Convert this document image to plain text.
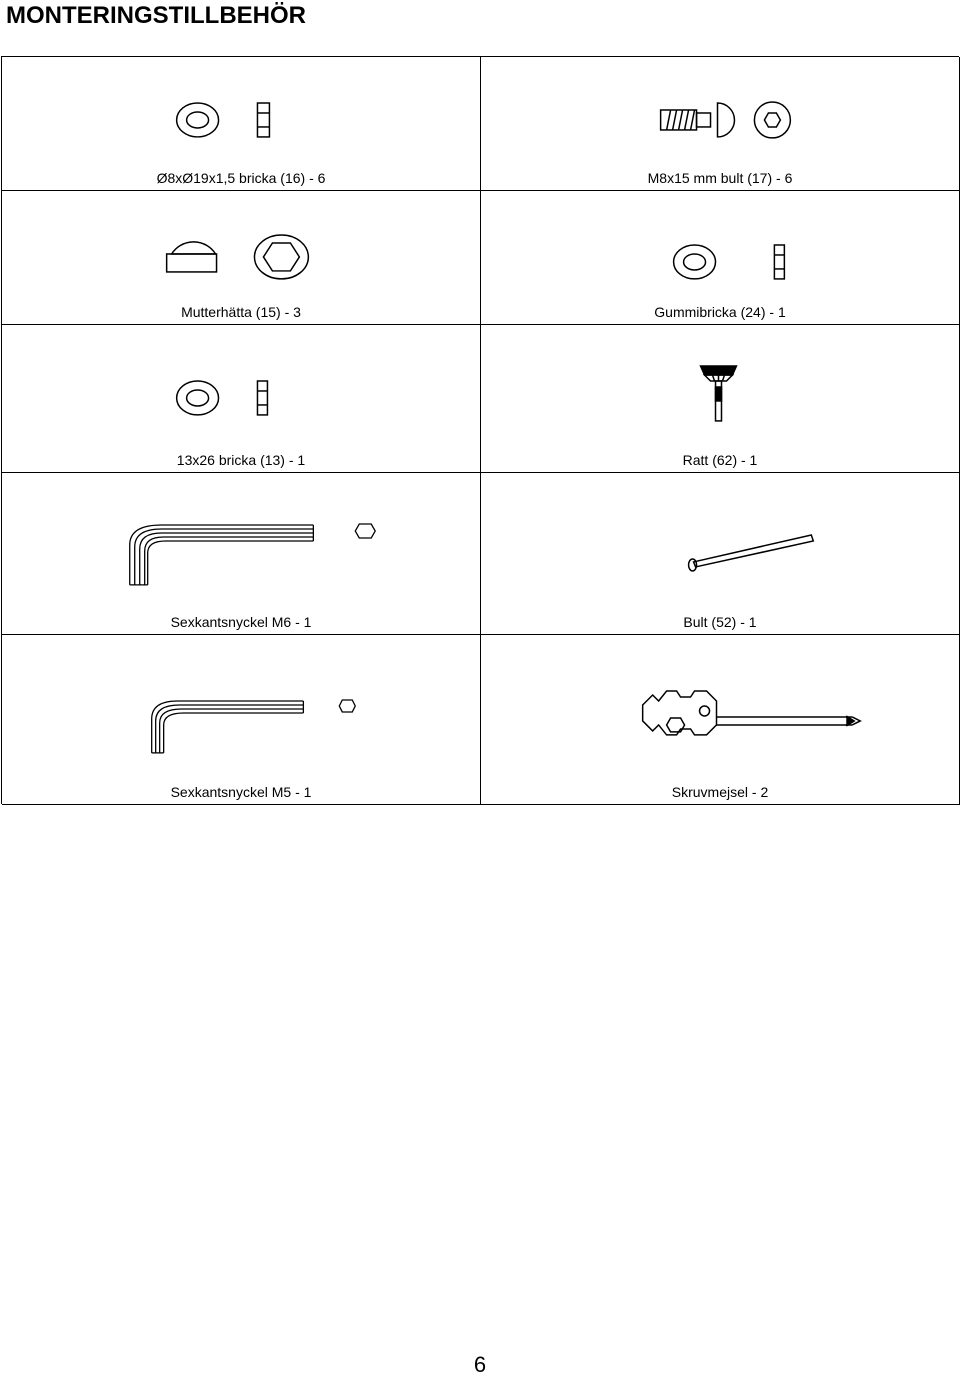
MONTERINGSTILLBEHÖR
Ø8xØ19x1,5 bricka (16) - 6	M8x15 mm bult (17) - 6
Mutterhätta (15) - 3	Gummibricka (24) - 1
13x26 bricka (13) - 1	Ratt (62) - 1
Sexkantsnyckel M6 - 1	Bult (52) - 1
Sexkantsnyckel M5 - 1	Skruvmejsel - 2
6
